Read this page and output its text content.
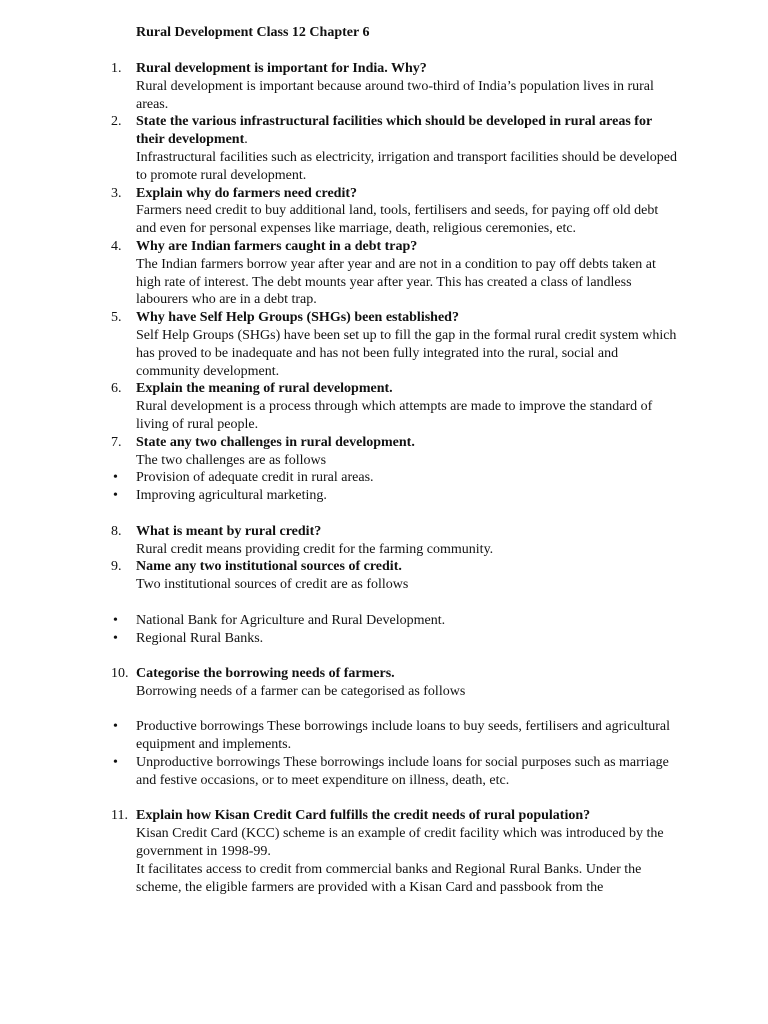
Rural Development Class 12 Chapter 6
1. Rural development is important for India. Why?
Rural development is important because around two-third of India’s population lives in rural areas.
2. State the various infrastructural facilities which should be developed in rural areas for their development.
Infrastructural facilities such as electricity, irrigation and transport facilities should be developed to promote rural development.
3. Explain why do farmers need credit?
Farmers need credit to buy additional land, tools, fertilisers and seeds, for paying off old debt and even for personal expenses like marriage, death, religious ceremonies, etc.
4. Why are Indian farmers caught in a debt trap?
The Indian farmers borrow year after year and are not in a condition to pay off debts taken at high rate of interest. The debt mounts year after year. This has created a class of landless labourers who are in a debt trap.
5. Why have Self Help Groups (SHGs) been established?
Self Help Groups (SHGs) have been set up to fill the gap in the formal rural credit system which has proved to be inadequate and has not been fully integrated into the rural, social and community development.
6. Explain the meaning of rural development.
Rural development is a process through which attempts are made to improve the standard of living of rural people.
7. State any two challenges in rural development.
The two challenges are as follows
• Provision of adequate credit in rural areas.
• Improving agricultural marketing.
8. What is meant by rural credit?
Rural credit means providing credit for the farming community.
9. Name any two institutional sources of credit.
Two institutional sources of credit are as follows
• National Bank for Agriculture and Rural Development.
• Regional Rural Banks.
10. Categorise the borrowing needs of farmers.
Borrowing needs of a farmer can be categorised as follows
• Productive borrowings These borrowings include loans to buy seeds, fertilisers and agricultural equipment and implements.
• Unproductive borrowings These borrowings include loans for social purposes such as marriage and festive occasions, or to meet expenditure on illness, death, etc.
11. Explain how Kisan Credit Card fulfills the credit needs of rural population?
Kisan Credit Card (KCC) scheme is an example of credit facility which was introduced by the government in 1998-99.
It facilitates access to credit from commercial banks and Regional Rural Banks. Under the scheme, the eligible farmers are provided with a Kisan Card and passbook from the
